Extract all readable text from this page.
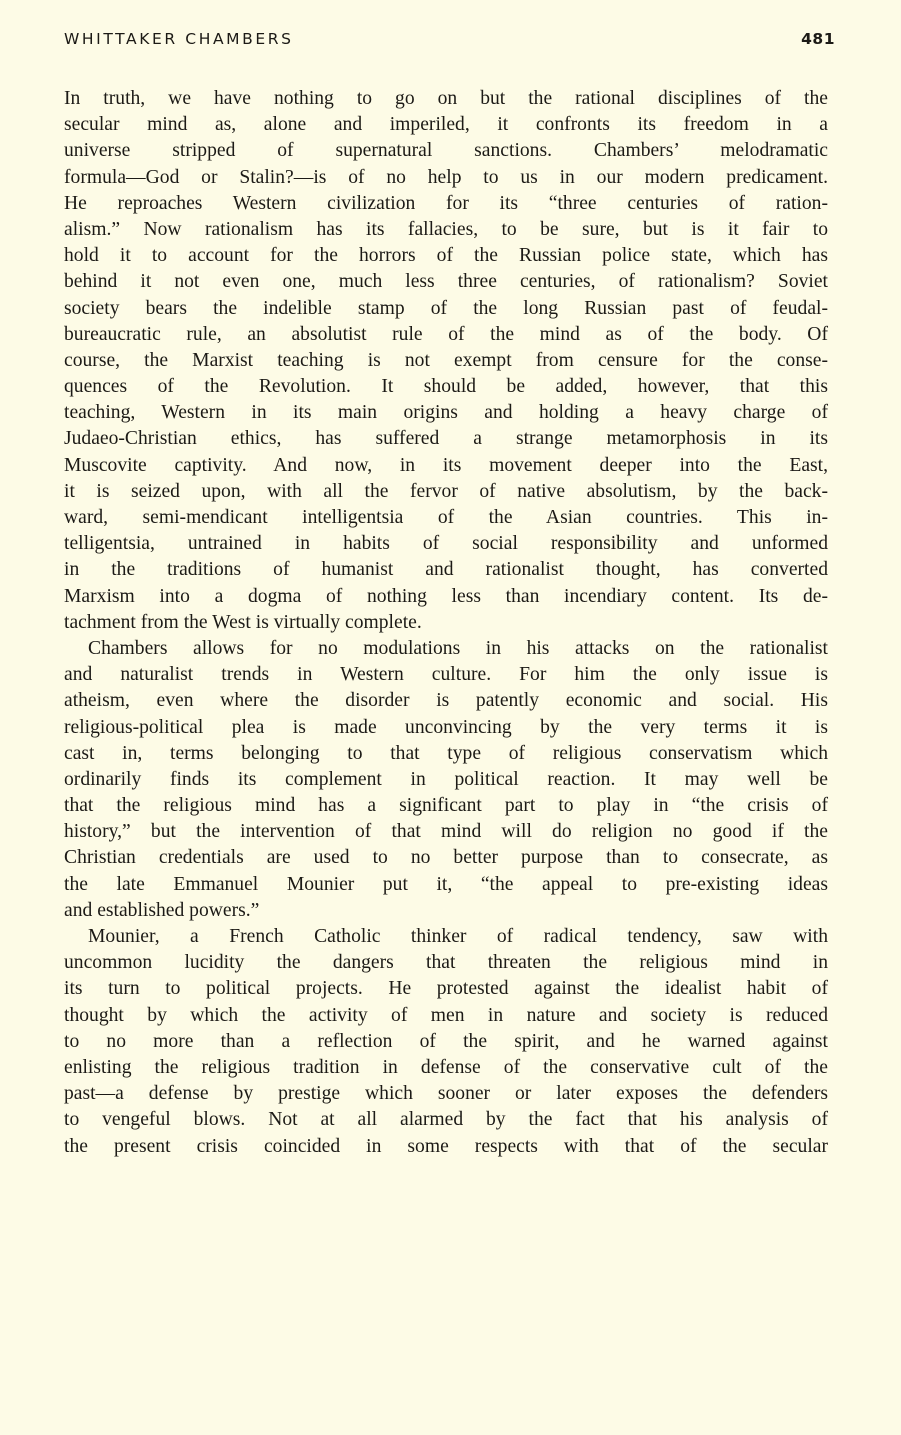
WHITTAKER CHAMBERS	481
In truth, we have nothing to go on but the rational disciplines of the
secular mind as, alone and imperiled, it confronts its freedom in a
universe stripped of supernatural sanctions. Chambers’ melodramatic
formula—God or Stalin?—is of no help to us in our modern predicament.
He reproaches Western civilization for its “three centuries of ration-
alism.” Now rationalism has its fallacies, to be sure, but is it fair to
hold it to account for the horrors of the Russian police state, which has
behind it not even one, much less three centuries, of rationalism? Soviet
society bears the indelible stamp of the long Russian past of feudal-
bureaucratic rule, an absolutist rule of the mind as of the body. Of
course, the Marxist teaching is not exempt from censure for the conse-
quences of the Revolution. It should be added, however, that this
teaching, Western in its main origins and holding a heavy charge of
Judaeo-Christian ethics, has suffered a strange metamorphosis in its
Muscovite captivity. And now, in its movement deeper into the East,
it is seized upon, with all the fervor of native absolutism, by the back-
ward, semi-mendicant intelligentsia of the Asian countries. This in-
telligentsia, untrained in habits of social responsibility and unformed
in the traditions of humanist and rationalist thought, has converted
Marxism into a dogma of nothing less than incendiary content. Its de-
tachment from the West is virtually complete.
Chambers allows for no modulations in his attacks on the rationalist
and naturalist trends in Western culture. For him the only issue is
atheism, even where the disorder is patently economic and social. His
religious-political plea is made unconvincing by the very terms it is
cast in, terms belonging to that type of religious conservatism which
ordinarily finds its complement in political reaction. It may well be
that the religious mind has a significant part to play in “the crisis of
history,” but the intervention of that mind will do religion no good if the
Christian credentials are used to no better purpose than to consecrate, as
the late Emmanuel Mounier put it, “the appeal to pre-existing ideas
and established powers.”
Mounier, a French Catholic thinker of radical tendency, saw with
uncommon lucidity the dangers that threaten the religious mind in
its turn to political projects. He protested against the idealist habit of
thought by which the activity of men in nature and society is reduced
to no more than a reflection of the spirit, and he warned against
enlisting the religious tradition in defense of the conservative cult of the
past—a defense by prestige which sooner or later exposes the defenders
to vengeful blows. Not at all alarmed by the fact that his analysis of
the present crisis coincided in some respects with that of the secular
